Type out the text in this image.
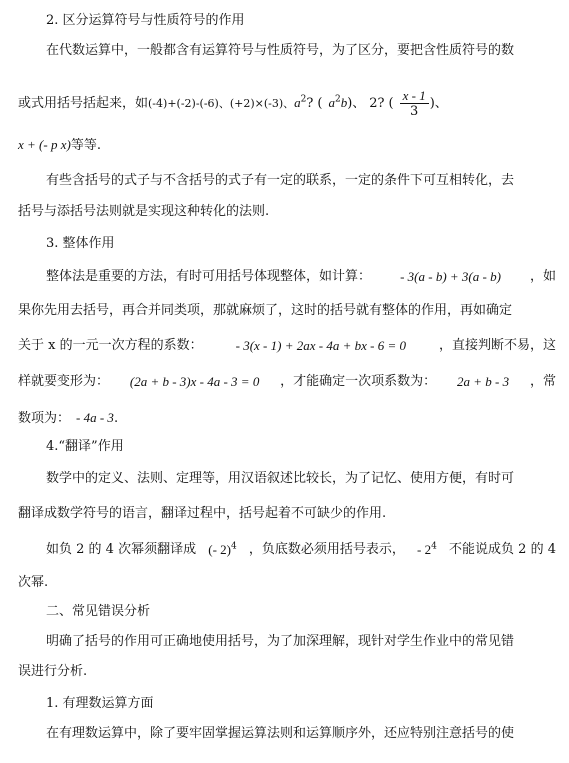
2. 区分运算符号与性质符号的作用
在代数运算中，一般都含有运算符号与性质符号，为了区分，要把含性质符号的数
或式用括号括起来，如(-4)+(-2)-(-6)、(+2)×(-3)、$a^2$? ( $a^2b$)、 2? ( $\frac{x - 1}{3}$ )、
x + (- p x)等等.
有些含括号的式子与不含括号的式子有一定的联系，一定的条件下可互相转化，去
括号与添括号法则就是实现这种转化的法则.
3. 整体作用
整体法是重要的方法，有时可用括号体现整体，如计算： - 3(a - b) + 3(a - b) ，如
果你先用去括号，再合并同类项，那就麻烦了，这时的括号就有整体的作用，再如确定
关于 x 的一元一次方程的系数：	- 3(x - 1) + 2ax - 4a + bx - 6 = 0	，直接判断不易，这
样就要变形为： (2a + b - 3)x - 4a - 3 = 0 ，才能确定一次项系数为： 2a + b - 3 ，常
数项为： - 4a - 3.
4.“翻译”作用
数学中的定义、法则、定理等，用汉语叙述比较长，为了记忆、使用方便，有时可
翻译成数学符号的语言，翻译过程中，括号起着不可缺少的作用.
如负 2 的 4 次幂须翻译成 (- 2)$^4$ ，负底数必须用括号表示， - $2^4$ 不能说成负 2 的 4
次幂.
二、常见错误分析
明确了括号的作用可正确地使用括号，为了加深理解，现针对学生作业中的常见错
误进行分析.
1. 有理数运算方面
在有理数运算中，除了要牢固掌握运算法则和运算顺序外，还应特别注意括号的使
